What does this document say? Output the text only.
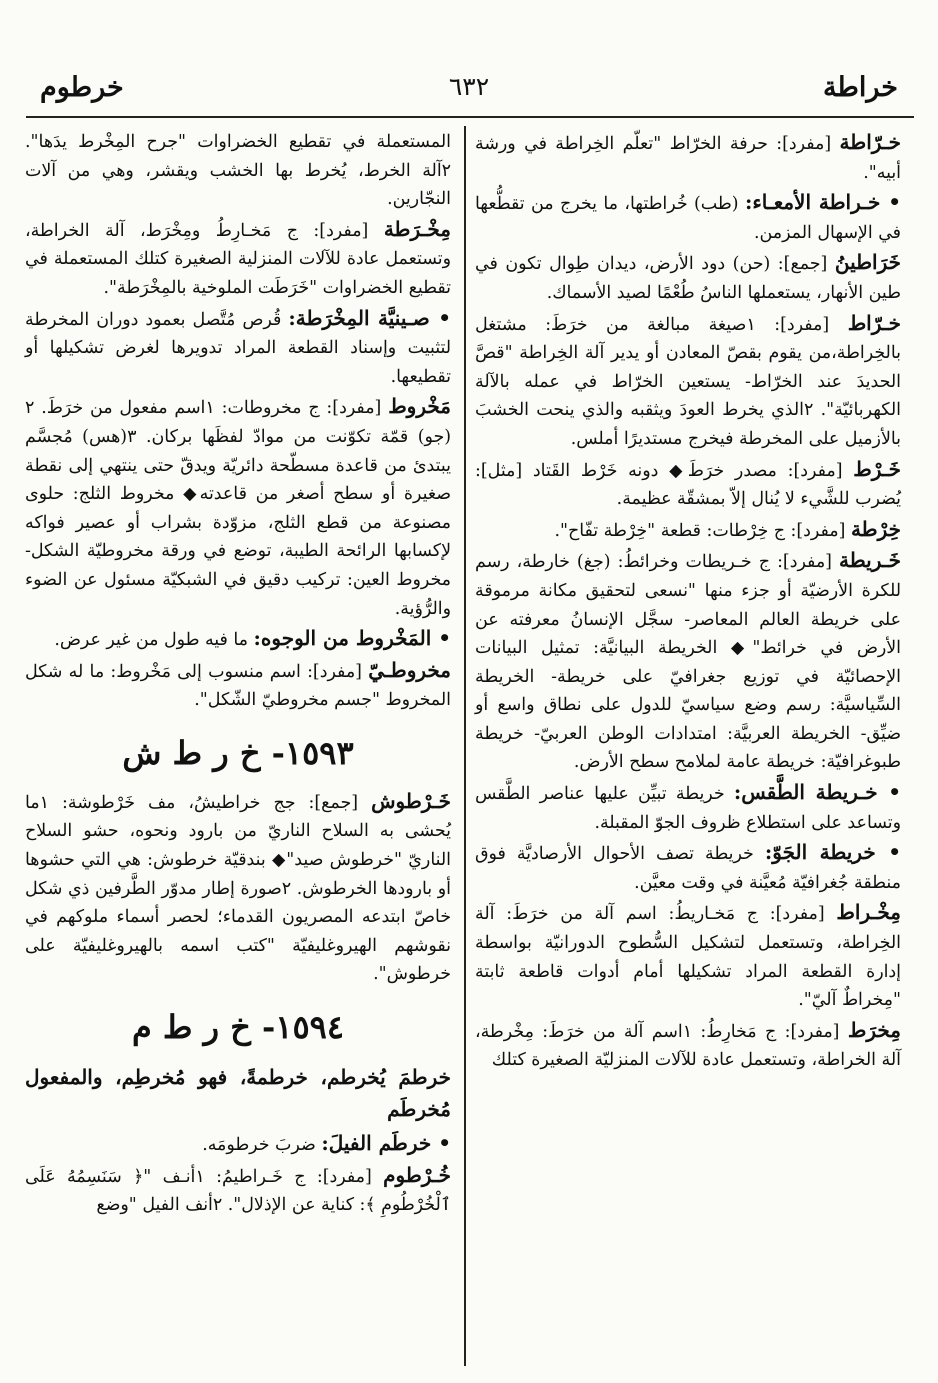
خراطة
٦٣٢
خرطوم

خـرّاطة [مفرد]: حرفة الخرّاط "تعلّم الخِراطة في ورشة أبيه".

• خـراطة الأمعـاء: (طب) خُراطتها، ما يخرج من تقطُّعها في الإسهال المزمن.

خَرَاطينُ [جمع]: (حن) دود الأرض، ديدان طِوال تكون في طين الأنهار، يستعملها الناسُ طُعْمًا لصيد الأسماك.

خـرّاط [مفرد]: ١صيغة مبالغة من خرَطَ: مشتغل بالخِراطة،من يقوم بقصّ المعادن أو يدير آلة الخِراطة "قصَّ الحديدَ عند الخرّاط- يستعين الخرّاط في عمله بالآلة الكهربائيّة". ٢الذي يخرط العودَ ويثقبه والذي ينحت الخشبَ بالأزميل على المخرطة فيخرج مستديرًا أملس.

خَـرْط [مفرد]: مصدر خرَطَ◆ دونه خَرْط القَتاد [مثل]: يُضرب للشَّيء لا يُنال إلاّ بمشقّة عظيمة.

خِرْطة [مفرد]: ج خِرْطات: قطعة "خِرْطة تفّاح".

خَـريطة [مفرد]: ج خـريطات وخرائطُ: (جغ) خارطة، رسم للكرة الأرضيّة أو جزء منها "نسعى لتحقيق مكانة مرموقة على خريطة العالم المعاصر- سجَّل الإنسانُ معرفته عن الأرض في خرائط"◆ الخريطة البيانيَّة: تمثيل البيانات الإحصائيّة في توزيع جغرافيّ على خريطة- الخريطة السِّياسيَّة: رسم وضع سياسيّ للدول على نطاق واسع أو ضيِّق- الخريطة العربيَّة: امتدادات الوطن العربيّ- خريطة طبوغرافيّة: خريطة عامة لملامح سطح الأرض.

• خـريطة الطَّقس: خريطة تبيِّن عليها عناصر الطَّقس وتساعد على استطلاع ظروف الجوّ المقبلة.

• خريطة الجَوّ: خريطة تصف الأحوال الأرصاديَّة فوق منطقة جُغرافيّة مُعيَّنة في وقت معيَّن.

مِخْـراط [مفرد]: ج مَخـاريطُ: اسم آلة من خرَطَ: آلة الخِراطة، وتستعمل لتشكيل السُّطوح الدورانيّة بواسطة إدارة القطعة المراد تشكيلها أمام أدوات قاطعة ثابتة "مِخراطٌ آليّ".

مِخرَط [مفرد]: ج مَخارِطُ: ١اسم آلة من خرَطَ: مِخْرطة، آلة الخراطة، وتستعمل عادة للآلات المنزليّة الصغيرة كتلك

المستعملة في تقطيع الخضراوات "جرح المِخْرط يدَها". ٢آلة الخرط، يُخرط بها الخشب ويقشر، وهي من آلات النجّارين.

مِخْـرَطة [مفرد]: ج مَخـارِطُ ومِخْرَط، آلة الخراطة، وتستعمل عادة للآلات المنزلية الصغيرة كتلك المستعملة في تقطيع الخضراوات "خَرَطَت الملوخية بالمِخْرَطة".

• صـينيَّة المِخْرَطة: قُرص مُتَّصل بعمود دوران المخرطة لتثبيت وإسناد القطعة المراد تدويرها لغرض تشكيلها أو تقطيعها.

مَخْروط [مفرد]: ج مخروطات: ١اسم مفعول من خرَطَ. ٢ (جو) قمّة تكوّنت من موادّ لفظَها بركان. ٣(هس) مُجسَّم يبتدئ من قاعدة مسطّحة دائريّة ويدقّ حتى ينتهي إلى نقطة صغيرة أو سطح أصغر من قاعدته◆ مخروط الثلج: حلوى مصنوعة من قطع الثلج، مزوّدة بشراب أو عصير فواكه لإكسابها الرائحة الطيبة، توضع في ورقة مخروطيّة الشكل- مخروط العين: تركيب دقيق في الشبكيّة مسئول عن الضوء والرُّؤية.

• المَخْروط من الوجوه: ما فيه طول من غير عرض.

مخروطـيّ [مفرد]: اسم منسوب إلى مَخْروط: ما له شكل المخروط "جسم مخروطيّ الشّكل".

١٥٩٣- خ ر ط ش

خَـرْطوش [جمع]: جج خراطيشُ، مف خَرْطوشة: ١ما يُحشى به السلاح الناريّ من بارود ونحوه، حشو السلاح الناريّ "خرطوش صيد"◆ بندقيّة خرطوش: هي التي حشوها أو بارودها الخرطوش. ٢صورة إطار مدوّر الطَّرفين ذي شكل خاصّ ابتدعه المصريون القدماء؛ لحصر أسماء ملوكهم في نقوشهم الهيروغليفيّة "كتب اسمه بالهيروغليفيّة على خرطوش".

١٥٩٤- خ ر ط م
خرطمَ يُخرطم، خرطمةً، فهو مُخرطِم، والمفعول مُخرطَم

• خرطَم الفيلَ: ضربَ خرطومَه.

خُـرْطوم [مفرد]: ج خَـراطيمُ: ١أنـف "﴿ سَنَسِمُهُ عَلَى ٱلْخُرْطُومِ ﴾: كناية عن الإذلال". ٢أنف الفيل "وضع
